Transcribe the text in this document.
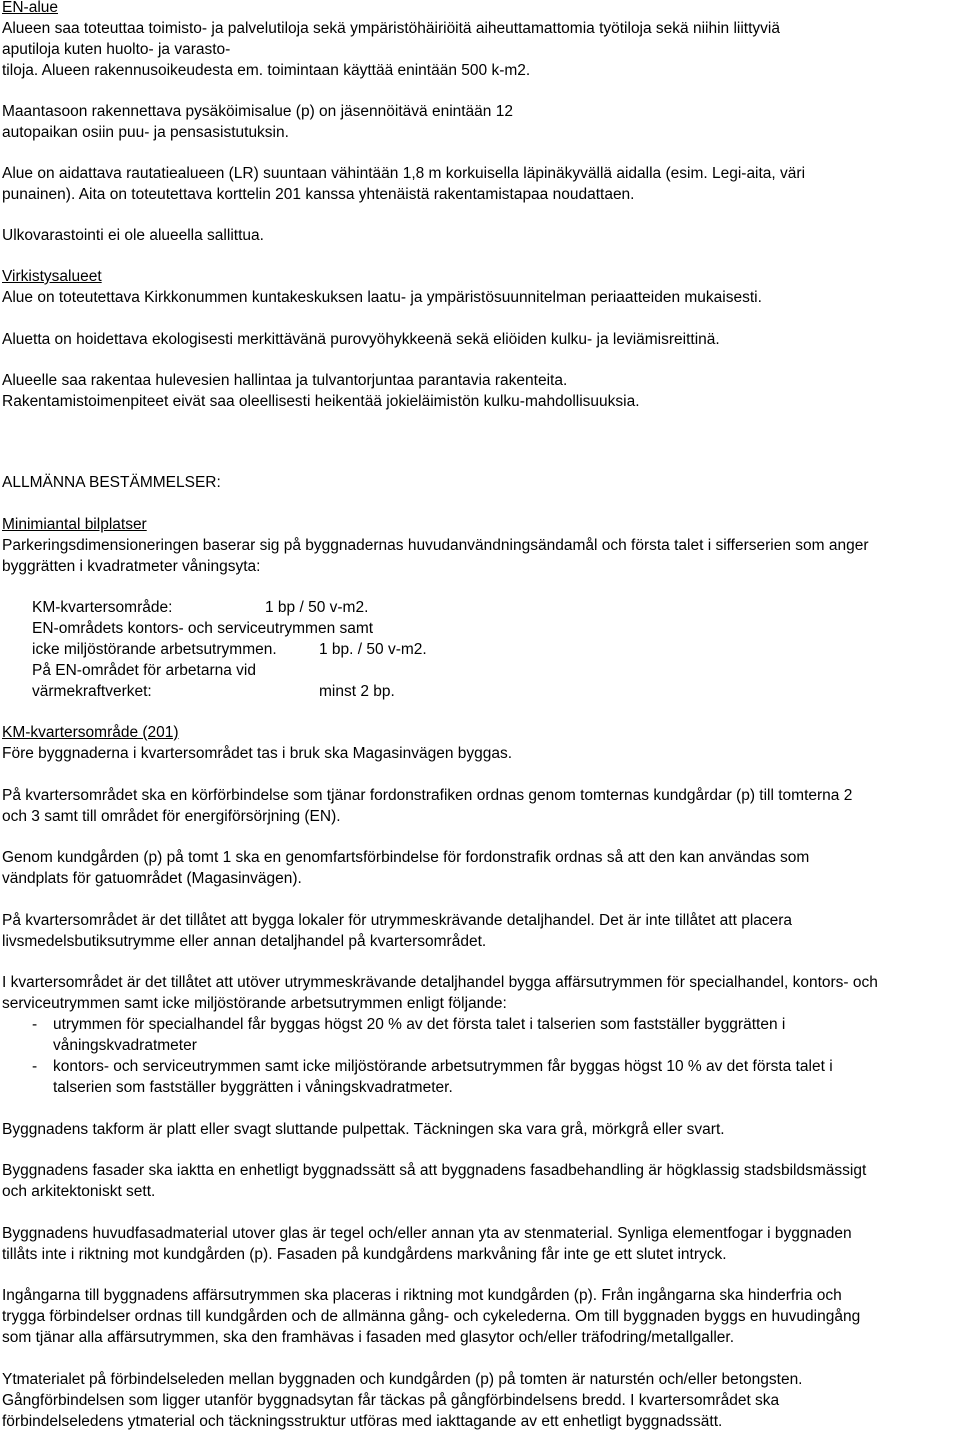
EN-alue
Alueen saa toteuttaa toimisto- ja palvelutiloja sekä ympäristöhäiriöitä aiheuttamattomia työtiloja sekä niihin liittyviä
aputiloja kuten huolto- ja varasto-
tiloja. Alueen rakennusoikeudesta em. toimintaan käyttää enintään 500 k-m2.
Maantasoon rakennettava pysäköimisalue (p) on jäsennöitävä enintään 12
autopaikan osiin puu- ja pensasistutuksin.
Alue on aidattava rautatiealueen (LR) suuntaan vähintään 1,8 m korkuisella läpinäkyvällä aidalla (esim. Legi-aita, väri
punainen). Aita on toteutettava korttelin 201 kanssa yhtenäistä rakentamistapaa noudattaen.
Ulkovarastointi ei ole alueella sallittua.
Virkistysalueet
Alue on toteutettava Kirkkonummen kuntakeskuksen laatu- ja ympäristösuunnitelman periaatteiden mukaisesti.
Aluetta on hoidettava ekologisesti merkittävänä purovyöhykkeenä sekä eliöiden kulku- ja leviämisreittinä.
Alueelle saa rakentaa hulevesien hallintaa ja tulvantorjuntaa parantavia rakenteita.
Rakentamistoimenpiteet eivät saa oleellisesti heikentää jokieläimistön kulku-mahdollisuuksia.
ALLMÄNNA BESTÄMMELSER:
Minimiantal bilplatser
Parkeringsdimensioneringen baserar sig på byggnadernas huvudanvändningsändamål och första talet i sifferserien som anger
byggrätten i kvadratmeter våningsyta:
KM-kvartersområde:	1 bp / 50 v-m2.
EN-områdets kontors- och serviceutrymmen samt
icke miljöstörande arbetsutrymmen.	1 bp. / 50 v-m2.
På EN-området för arbetarna vid
värmekraftverket:	minst 2 bp.
KM-kvartersområde (201)
Före byggnaderna i kvartersområdet tas i bruk ska Magasinvägen byggas.
På kvartersområdet ska en körförbindelse som tjänar fordonstrafiken ordnas genom tomternas kundgårdar (p) till tomterna 2
och 3 samt till området för energiförsörjning (EN).
Genom kundgården (p) på tomt 1 ska en genomfartsförbindelse för fordonstrafik ordnas så att den kan användas som
vändplats för gatuområdet (Magasinvägen).
På kvartersområdet är det tillåtet att bygga lokaler för utrymmeskrävande detaljhandel. Det är inte tillåtet att placera
livsmedelsbutiksutrymme eller annan detaljhandel på kvartersområdet.
I kvartersområdet är det tillåtet att utöver utrymmeskrävande detaljhandel bygga affärsutrymmen för specialhandel, kontors- och
serviceutrymmen samt icke miljöstörande arbetsutrymmen enligt följande:
- utrymmen för specialhandel får byggas högst 20 % av det första talet i talserien som fastställer byggrätten i
våningskvadratmeter
- kontors- och serviceutrymmen samt icke miljöstörande arbetsutrymmen får byggas högst 10 % av det första talet i
talserien som fastställer byggrätten i våningskvadratmeter.
Byggnadens takform är platt eller svagt sluttande pulpettak. Täckningen ska vara grå, mörkgrå eller svart.
Byggnadens fasader ska iaktta en enhetligt byggnadssätt så att byggnadens fasadbehandling är högklassig stadsbildsmässigt
och arkitektoniskt sett.
Byggnadens huvudfasadmaterial utover glas är tegel och/eller annan yta av stenmaterial. Synliga elementfogar i byggnaden
tillåts inte i riktning mot kundgården (p). Fasaden på kundgårdens markvåning får inte ge ett slutet intryck.
Ingångarna till byggnadens affärsutrymmen ska placeras i riktning mot kundgården (p). Från ingångarna ska hinderfria och
trygga förbindelser ordnas till kundgården och de allmänna gång- och cykelederna. Om till byggnaden byggs en huvudingång
som tjänar alla affärsutrymmen, ska den framhävas i fasaden med glasytor och/eller träfodring/metallgaller.
Ytmaterialet på förbindelseleden mellan byggnaden och kundgården (p) på tomten är naturstén och/eller betongsten.
Gångförbindelsen som ligger utanför byggnadsytan får täckas på gångförbindelsens bredd. I kvartersområdet ska
förbindelseledens ytmaterial och täckningsstruktur utföras med iakttagande av ett enhetligt byggnadssätt.
